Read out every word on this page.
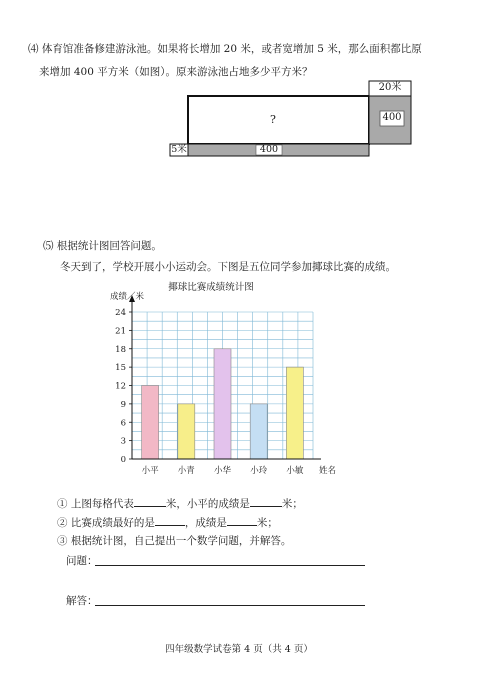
⑷ 体育馆准备修建游泳池。如果将长增加 20 米，或者宽增加 5 米，那么面积都比原
来增加 400 平方米（如图）。原来游泳池占地多少平方米？
20米
?	400
5米	400
⑸ 根据统计图回答问题。
冬天到了，学校开展小小运动会。下图是五位同学参加揶球比赛的成绩。
小平 小青 小华 小玲 小敏
0
3
6
9
12
15
18
21
24
揶球比赛成绩统计图
成绩／米
姓名
① 上图每格代表	米，小平的成绩是	米；
② 比赛成绩最好的是	，成绩是	米；
③ 根据统计图，自己提出一个数学问题，并解答。
问题：
解答：
四年级数学试卷第 4 页（共 4 页）
